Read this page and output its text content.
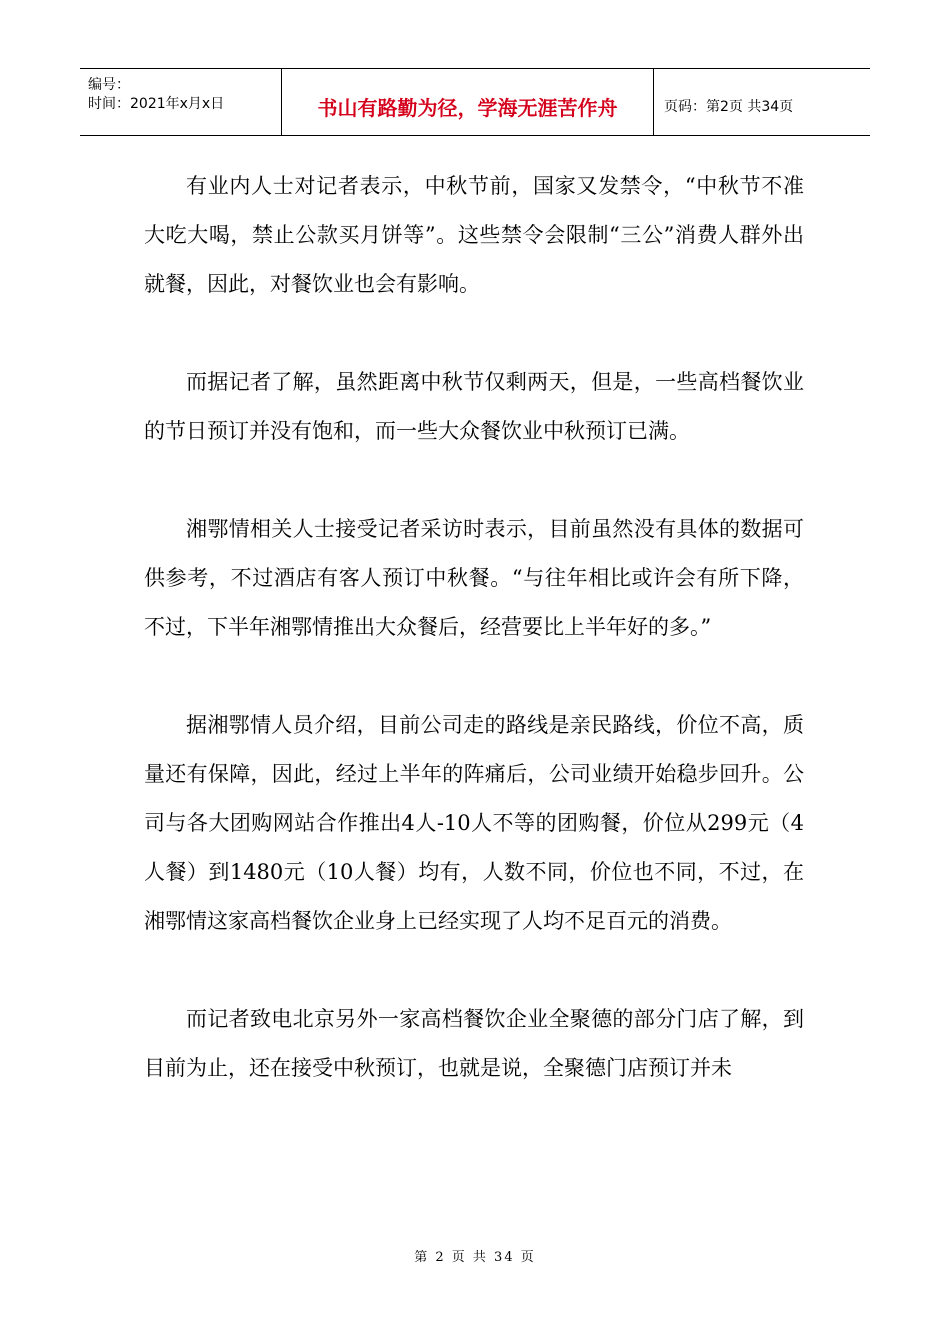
编号：
时间：2021年x月x日	书山有路勤为径，学海无涯苦作舟	页码：第2页 共34页

有业内人士对记者表示，中秋节前，国家又发禁令，“中秋节不准大吃大喝，禁止公款买月饼等”。这些禁令会限制“三公”消费人群外出就餐，因此，对餐饮业也会有影响。

而据记者了解，虽然距离中秋节仅剩两天，但是，一些高档餐饮业的节日预订并没有饱和，而一些大众餐饮业中秋预订已满。

湘鄂情相关人士接受记者采访时表示，目前虽然没有具体的数据可供参考，不过酒店有客人预订中秋餐。“与往年相比或许会有所下降，不过，下半年湘鄂情推出大众餐后，经营要比上半年好的多。”

据湘鄂情人员介绍，目前公司走的路线是亲民路线，价位不高，质量还有保障，因此，经过上半年的阵痛后，公司业绩开始稳步回升。公司与各大团购网站合作推出4人-10人不等的团购餐，价位从299元（4人餐）到1480元（10人餐）均有，人数不同，价位也不同，不过，在湘鄂情这家高档餐饮企业身上已经实现了人均不足百元的消费。

而记者致电北京另外一家高档餐饮企业全聚德的部分门店了解，到目前为止，还在接受中秋预订，也就是说，全聚德门店预订并未

第 2 页 共 34 页
